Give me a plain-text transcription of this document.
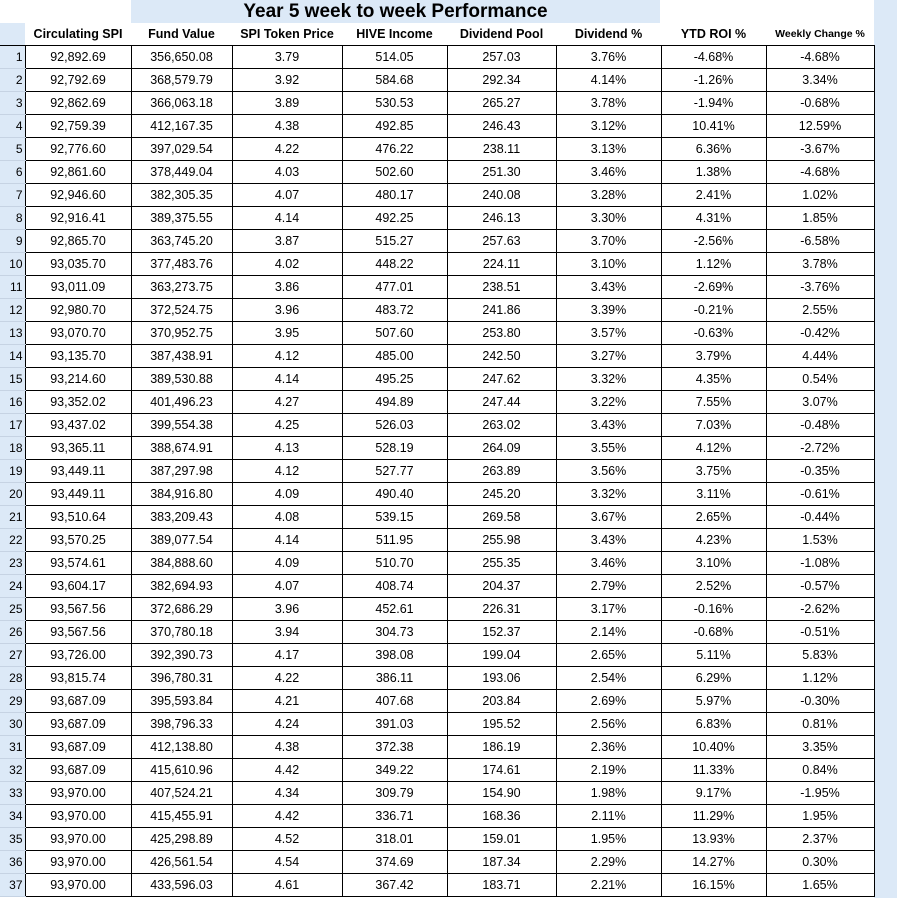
Year 5 week to week Performance
	Circulating SPI	Fund Value	SPI Token Price	HIVE Income	Dividend Pool	Dividend %	YTD ROI %	Weekly Change %
1	92,892.69	356,650.08	3.79	514.05	257.03	3.76%	-4.68%	-4.68%
2	92,792.69	368,579.79	3.92	584.68	292.34	4.14%	-1.26%	3.34%
3	92,862.69	366,063.18	3.89	530.53	265.27	3.78%	-1.94%	-0.68%
4	92,759.39	412,167.35	4.38	492.85	246.43	3.12%	10.41%	12.59%
5	92,776.60	397,029.54	4.22	476.22	238.11	3.13%	6.36%	-3.67%
6	92,861.60	378,449.04	4.03	502.60	251.30	3.46%	1.38%	-4.68%
7	92,946.60	382,305.35	4.07	480.17	240.08	3.28%	2.41%	1.02%
8	92,916.41	389,375.55	4.14	492.25	246.13	3.30%	4.31%	1.85%
9	92,865.70	363,745.20	3.87	515.27	257.63	3.70%	-2.56%	-6.58%
10	93,035.70	377,483.76	4.02	448.22	224.11	3.10%	1.12%	3.78%
11	93,011.09	363,273.75	3.86	477.01	238.51	3.43%	-2.69%	-3.76%
12	92,980.70	372,524.75	3.96	483.72	241.86	3.39%	-0.21%	2.55%
13	93,070.70	370,952.75	3.95	507.60	253.80	3.57%	-0.63%	-0.42%
14	93,135.70	387,438.91	4.12	485.00	242.50	3.27%	3.79%	4.44%
15	93,214.60	389,530.88	4.14	495.25	247.62	3.32%	4.35%	0.54%
16	93,352.02	401,496.23	4.27	494.89	247.44	3.22%	7.55%	3.07%
17	93,437.02	399,554.38	4.25	526.03	263.02	3.43%	7.03%	-0.48%
18	93,365.11	388,674.91	4.13	528.19	264.09	3.55%	4.12%	-2.72%
19	93,449.11	387,297.98	4.12	527.77	263.89	3.56%	3.75%	-0.35%
20	93,449.11	384,916.80	4.09	490.40	245.20	3.32%	3.11%	-0.61%
21	93,510.64	383,209.43	4.08	539.15	269.58	3.67%	2.65%	-0.44%
22	93,570.25	389,077.54	4.14	511.95	255.98	3.43%	4.23%	1.53%
23	93,574.61	384,888.60	4.09	510.70	255.35	3.46%	3.10%	-1.08%
24	93,604.17	382,694.93	4.07	408.74	204.37	2.79%	2.52%	-0.57%
25	93,567.56	372,686.29	3.96	452.61	226.31	3.17%	-0.16%	-2.62%
26	93,567.56	370,780.18	3.94	304.73	152.37	2.14%	-0.68%	-0.51%
27	93,726.00	392,390.73	4.17	398.08	199.04	2.65%	5.11%	5.83%
28	93,815.74	396,780.31	4.22	386.11	193.06	2.54%	6.29%	1.12%
29	93,687.09	395,593.84	4.21	407.68	203.84	2.69%	5.97%	-0.30%
30	93,687.09	398,796.33	4.24	391.03	195.52	2.56%	6.83%	0.81%
31	93,687.09	412,138.80	4.38	372.38	186.19	2.36%	10.40%	3.35%
32	93,687.09	415,610.96	4.42	349.22	174.61	2.19%	11.33%	0.84%
33	93,970.00	407,524.21	4.34	309.79	154.90	1.98%	9.17%	-1.95%
34	93,970.00	415,455.91	4.42	336.71	168.36	2.11%	11.29%	1.95%
35	93,970.00	425,298.89	4.52	318.01	159.01	1.95%	13.93%	2.37%
36	93,970.00	426,561.54	4.54	374.69	187.34	2.29%	14.27%	0.30%
37	93,970.00	433,596.03	4.61	367.42	183.71	2.21%	16.15%	1.65%
